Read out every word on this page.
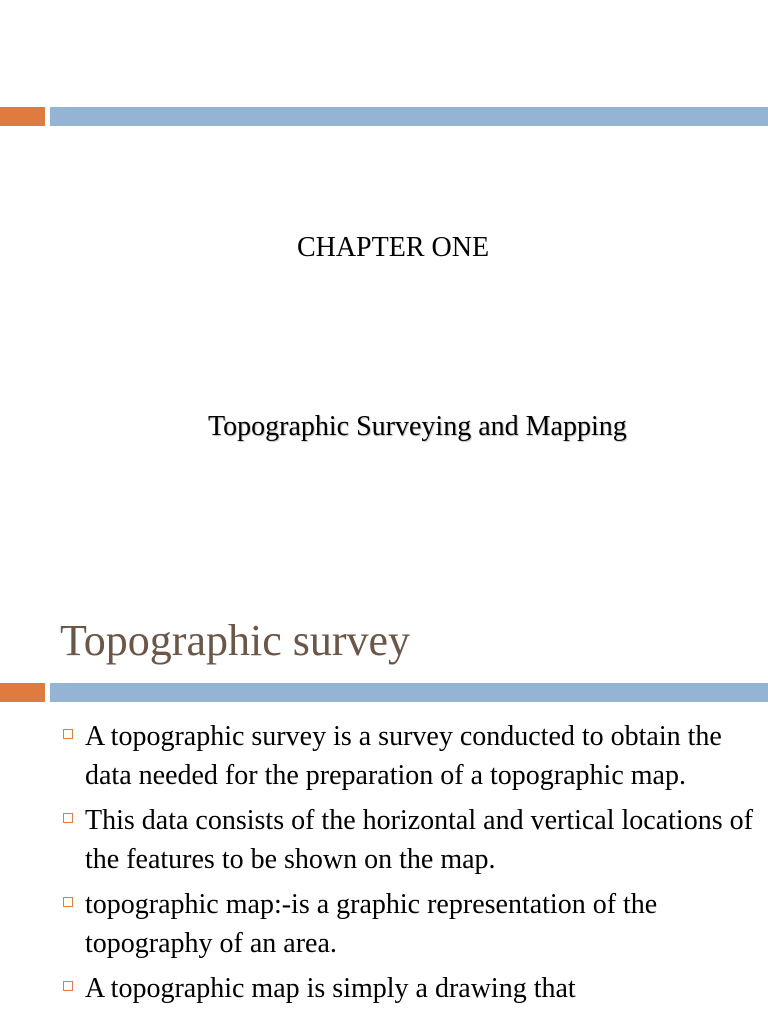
CHAPTER ONE
Topographic Surveying and Mapping
Topographic survey
A topographic survey is a survey conducted to obtain the data needed for the preparation of a topographic map.
This data consists of the horizontal and vertical locations of the features to be shown on the map.
topographic map:-is a graphic representation of the topography of an area.
A topographic map is simply a drawing that
